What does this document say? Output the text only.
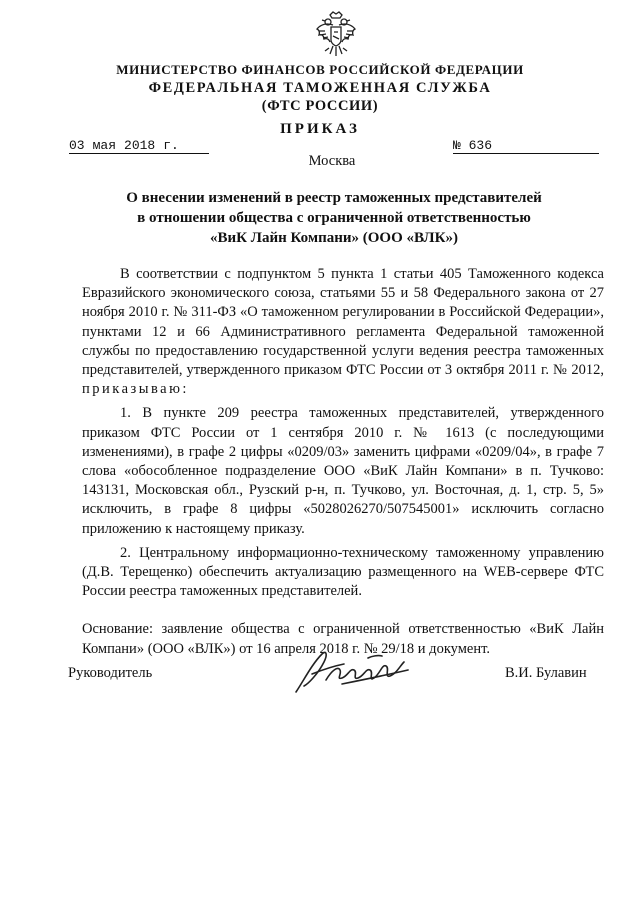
МИНИСТЕРСТВО ФИНАНСОВ РОССИЙСКОЙ ФЕДЕРАЦИИ
ФЕДЕРАЛЬНАЯ ТАМОЖЕННАЯ СЛУЖБА
(ФТС РОССИИ)
ПРИКАЗ
03 мая 2018 г.	№ 636
Москва
О внесении изменений в реестр таможенных представителей
в отношении общества с ограниченной ответственностью
«ВиК Лайн Компани» (ООО «ВЛК»)

В соответствии с подпунктом 5 пункта 1 статьи 405 Таможенного кодекса Евразийского экономического союза, статьями 55 и 58 Федерального закона от 27 ноября 2010 г. № 311-ФЗ «О таможенном регулировании в Российской Федерации», пунктами 12 и 66 Административного регламента Федеральной таможенной службы по предоставлению государственной услуги ведения реестра таможенных представителей, утвержденного приказом ФТС России от 3 октября 2011 г. № 2012, приказываю:

1. В пункте 209 реестра таможенных представителей, утвержденного приказом ФТС России от 1 сентября 2010 г. № 1613 (с последующими изменениями), в графе 2 цифры «0209/03» заменить цифрами «0209/04», в графе 7 слова «обособленное подразделение ООО «ВиК Лайн Компани» в п. Тучково: 143131, Московская обл., Рузский р-н, п. Тучково, ул. Восточная, д. 1, стр. 5, 5» исключить, в графе 8 цифры «5028026270/507545001» исключить согласно приложению к настоящему приказу.

2. Центральному информационно-техническому таможенному управлению (Д.В. Терещенко) обеспечить актуализацию размещенного на WEB-сервере ФТС России реестра таможенных представителей.

Основание: заявление общества с ограниченной ответственностью «ВиК Лайн Компани» (ООО «ВЛК») от 16 апреля 2018 г. № 29/18 и документ.

Руководитель	В.И. Булавин
